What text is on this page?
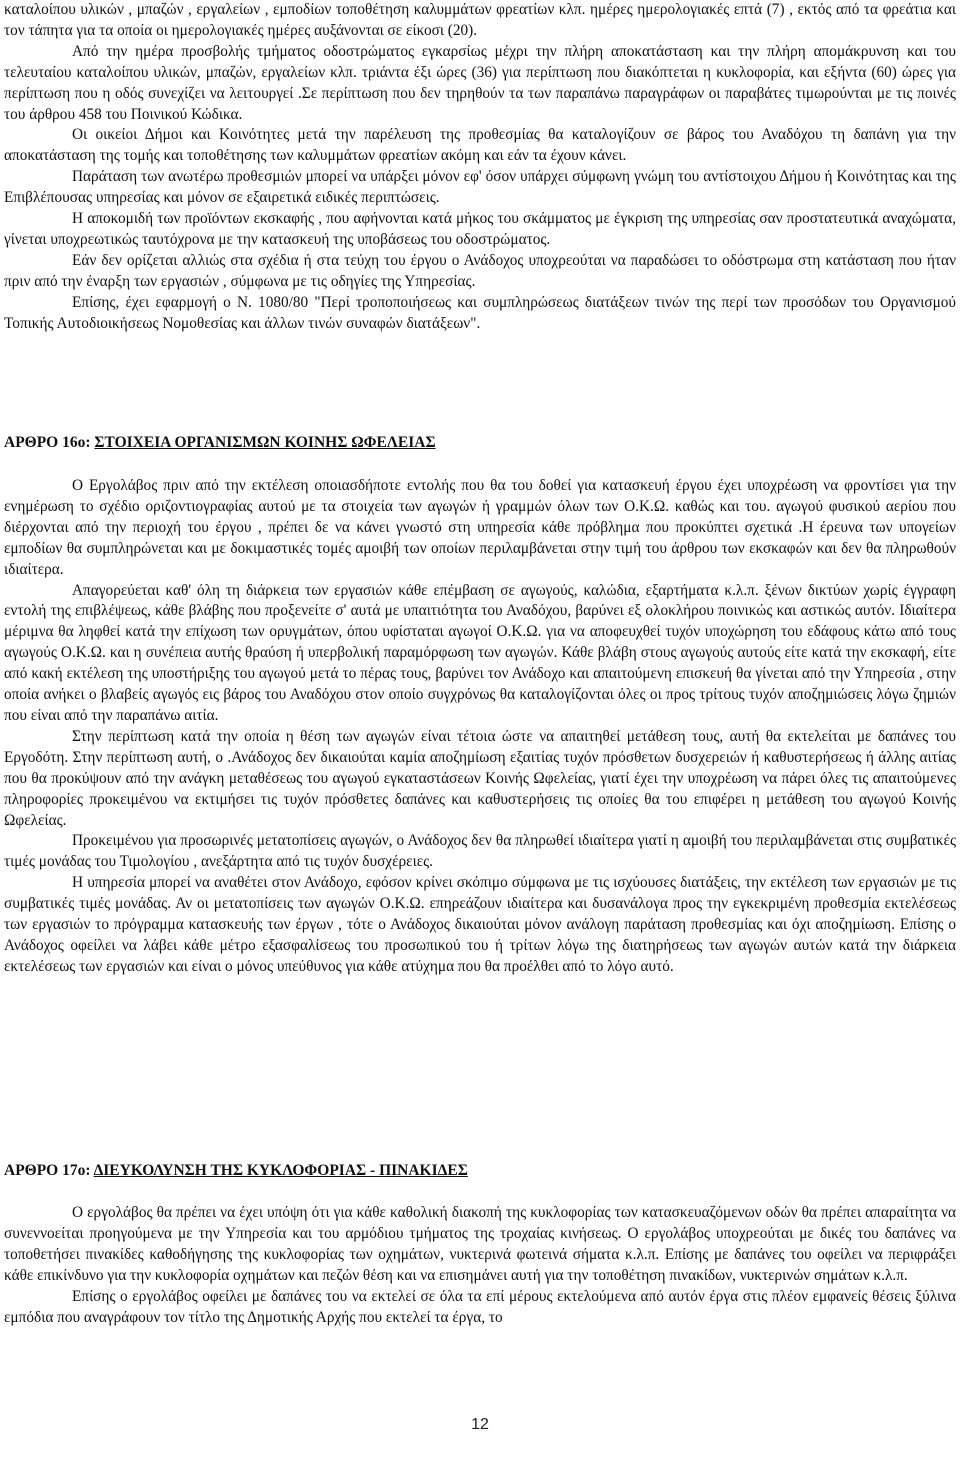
καταλοίπου υλικών , μπαζών , εργαλείων , εμποδίων τοποθέτηση καλυμμάτων φρεατίων κλπ. ημέρες ημερολογιακές επτά (7) , εκτός από τα φρεάτια και τον τάπητα για τα οποία οι ημερολογιακές ημέρες αυξάνονται σε είκοσι (20).

Από την ημέρα προσβολής τμήματος οδοστρώματος εγκαρσίως μέχρι την πλήρη αποκατάσταση και την πλήρη απομάκρυνση και του τελευταίου καταλοίπου υλικών, μπαζών, εργαλείων κλπ. τριάντα έξι ώρες (36) για περίπτωση που διακόπτεται η κυκλοφορία, και εξήντα (60) ώρες για περίπτωση που η οδός συνεχίζει να λειτουργεί .Σε περίπτωση που δεν τηρηθούν τα των παραπάνω παραγράφων οι παραβάτες τιμωρούνται με τις ποινές του άρθρου 458 του Ποινικού Κώδικα.

Οι οικείοι Δήμοι και Κοινότητες μετά την παρέλευση της προθεσμίας θα καταλογίζουν σε βάρος του Αναδόχου τη δαπάνη για την αποκατάσταση της τομής και τοποθέτησης των καλυμμάτων φρεατίων ακόμη και εάν τα έχουν κάνει.

Παράταση των ανωτέρω προθεσμιών μπορεί να υπάρξει μόνον εφ' όσον υπάρχει σύμφωνη γνώμη του αντίστοιχου Δήμου ή Κοινότητας και της Επιβλέπουσας υπηρεσίας και μόνον σε εξαιρετικά ειδικές περιπτώσεις.

Η αποκομιδή των προϊόντων εκσκαφής , που αφήνονται κατά μήκος του σκάμματος με έγκριση της υπηρεσίας σαν προστατευτικά αναχώματα, γίνεται υποχρεωτικώς ταυτόχρονα με την κατασκευή της υποβάσεως του οδοστρώματος.

Εάν δεν ορίζεται αλλιώς στα σχέδια ή στα τεύχη του έργου ο Ανάδοχος υποχρεούται να παραδώσει το οδόστρωμα στη κατάσταση που ήταν πριν από την έναρξη των εργασιών , σύμφωνα με τις οδηγίες της Υπηρεσίας.

Επίσης, έχει εφαρμογή ο Ν. 1080/80 "Περί τροποποιήσεως και συμπληρώσεως διατάξεων τινών της περί των προσόδων του Οργανισμού Τοπικής Αυτοδιοικήσεως Νομοθεσίας και άλλων τινών συναφών διατάξεων".

ΑΡΘΡΟ 16ο: ΣΤΟΙΧΕΙΑ ΟΡΓΑΝΙΣΜΩΝ ΚΟΙΝΗΣ ΩΦΕΛΕΙΑΣ

Ο Εργολάβος πριν από την εκτέλεση οποιασδήποτε εντολής που θα του δοθεί για κατασκευή έργου έχει υποχρέωση να φροντίσει για την ενημέρωση το σχέδιο οριζοντιογραφίας αυτού με τα στοιχεία των αγωγών ή γραμμών όλων των Ο.Κ.Ω. καθώς και του. αγωγού φυσικού αερίου που διέρχονται από την περιοχή του έργου , πρέπει δε να κάνει γνωστό στη υπηρεσία κάθε πρόβλημα που προκύπτει σχετικά .Η έρευνα των υπογείων εμποδίων θα συμπληρώνεται και με δοκιμαστικές τομές αμοιβή των οποίων περιλαμβάνεται στην τιμή του άρθρου των εκσκαφών και δεν θα πληρωθούν ιδιαίτερα.

Απαγορεύεται καθ' όλη τη διάρκεια των εργασιών κάθε επέμβαση σε αγωγούς, καλώδια, εξαρτήματα κ.λ.π. ξένων δικτύων χωρίς έγγραφη εντολή της επιβλέψεως, κάθε βλάβης που προξενείτε σ' αυτά με υπαιτιότητα του Αναδόχου, βαρύνει εξ ολοκλήρου ποινικώς και αστικώς αυτόν. Ιδιαίτερα μέριμνα θα ληφθεί κατά την επίχωση των ορυγμάτων, όπου υφίσταται αγωγοί Ο.Κ.Ω. για να αποφευχθεί τυχόν υποχώρηση του εδάφους κάτω από τους αγωγούς Ο.Κ.Ω. και η συνέπεια αυτής θραύση ή υπερβολική παραμόρφωση των αγωγών. Κάθε βλάβη στους αγωγούς αυτούς είτε κατά την εκσκαφή, είτε από κακή εκτέλεση της υποστήριξης του αγωγού μετά το πέρας τους, βαρύνει τον Ανάδοχο και απαιτούμενη επισκευή θα γίνεται από την Υπηρεσία , στην οποία ανήκει ο βλαβείς αγωγός εις βάρος του Αναδόχου στον οποίο συγχρόνως θα καταλογίζονται όλες οι προς τρίτους τυχόν αποζημιώσεις λόγω ζημιών που είναι από την παραπάνω αιτία.

Στην περίπτωση κατά την οποία η θέση των αγωγών είναι τέτοια ώστε να απαιτηθεί μετάθεση τους, αυτή θα εκτελείται με δαπάνες του Εργοδότη. Στην περίπτωση αυτή, ο .Ανάδοχος δεν δικαιούται καμία αποζημίωση εξαιτίας τυχόν πρόσθετων δυσχερειών ή καθυστερήσεως ή άλλης αιτίας που θα προκύψουν από την ανάγκη μεταθέσεως του αγωγού εγκαταστάσεων Κοινής Ωφελείας, γιατί έχει την υποχρέωση να πάρει όλες τις απαιτούμενες πληροφορίες προκειμένου να εκτιμήσει τις τυχόν πρόσθετες δαπάνες και καθυστερήσεις τις οποίες θα του επιφέρει η μετάθεση του αγωγού Κοινής Ωφελείας.

Προκειμένου για προσωρινές μετατοπίσεις αγωγών, ο Ανάδοχος δεν θα πληρωθεί ιδιαίτερα γιατί η αμοιβή του περιλαμβάνεται στις συμβατικές τιμές μονάδας του Τιμολογίου , ανεξάρτητα από τις τυχόν δυσχέρειες.

Η υπηρεσία μπορεί να αναθέτει στον Ανάδοχο, εφόσον κρίνει σκόπιμο σύμφωνα με τις ισχύουσες διατάξεις, την εκτέλεση των εργασιών με τις συμβατικές τιμές μονάδας. Αν οι μετατοπίσεις των αγωγών Ο.Κ.Ω. επηρεάζουν ιδιαίτερα και δυσανάλογα προς την εγκεκριμένη προθεσμία εκτελέσεως των εργασιών το πρόγραμμα κατασκευής των έργων , τότε ο Ανάδοχος δικαιούται μόνον ανάλογη παράταση προθεσμίας και όχι αποζημίωση. Επίσης ο Ανάδοχος οφείλει να λάβει κάθε μέτρο εξασφαλίσεως του προσωπικού του ή τρίτων λόγω της διατηρήσεως των αγωγών αυτών κατά την διάρκεια εκτελέσεως των εργασιών και είναι ο μόνος υπεύθυνος για κάθε ατύχημα που θα προέλθει από το λόγο αυτό.

ΑΡΘΡΟ 17ο: ΔΙΕΥΚΟΛΥΝΣΗ ΤΗΣ ΚΥΚΛΟΦΟΡΙΑΣ - ΠΙΝΑΚΙΔΕΣ

Ο εργολάβος θα πρέπει να έχει υπόψη ότι για κάθε καθολική διακοπή της κυκλοφορίας των κατασκευαζόμενων οδών θα πρέπει απαραίτητα να συνεννοείται προηγούμενα με την Υπηρεσία και του αρμόδιου τμήματος της τροχαίας κινήσεως. Ο εργολάβος υποχρεούται με δικές του δαπάνες να τοποθετήσει πινακίδες καθοδήγησης της κυκλοφορίας των οχημάτων, νυκτερινά φωτεινά σήματα κ.λ.π. Επίσης με δαπάνες του οφείλει να περιφράξει κάθε επικίνδυνο για την κυκλοφορία οχημάτων και πεζών θέση και να επισημάνει αυτή για την τοποθέτηση πινακίδων, νυκτερινών σημάτων κ.λ.π.

Επίσης ο εργολάβος οφείλει με δαπάνες του να εκτελεί σε όλα τα επί μέρους εκτελούμενα από αυτόν έργα στις πλέον εμφανείς θέσεις ξύλινα εμπόδια που αναγράφουν τον τίτλο της Δημοτικής Αρχής που εκτελεί τα έργα, το

12
